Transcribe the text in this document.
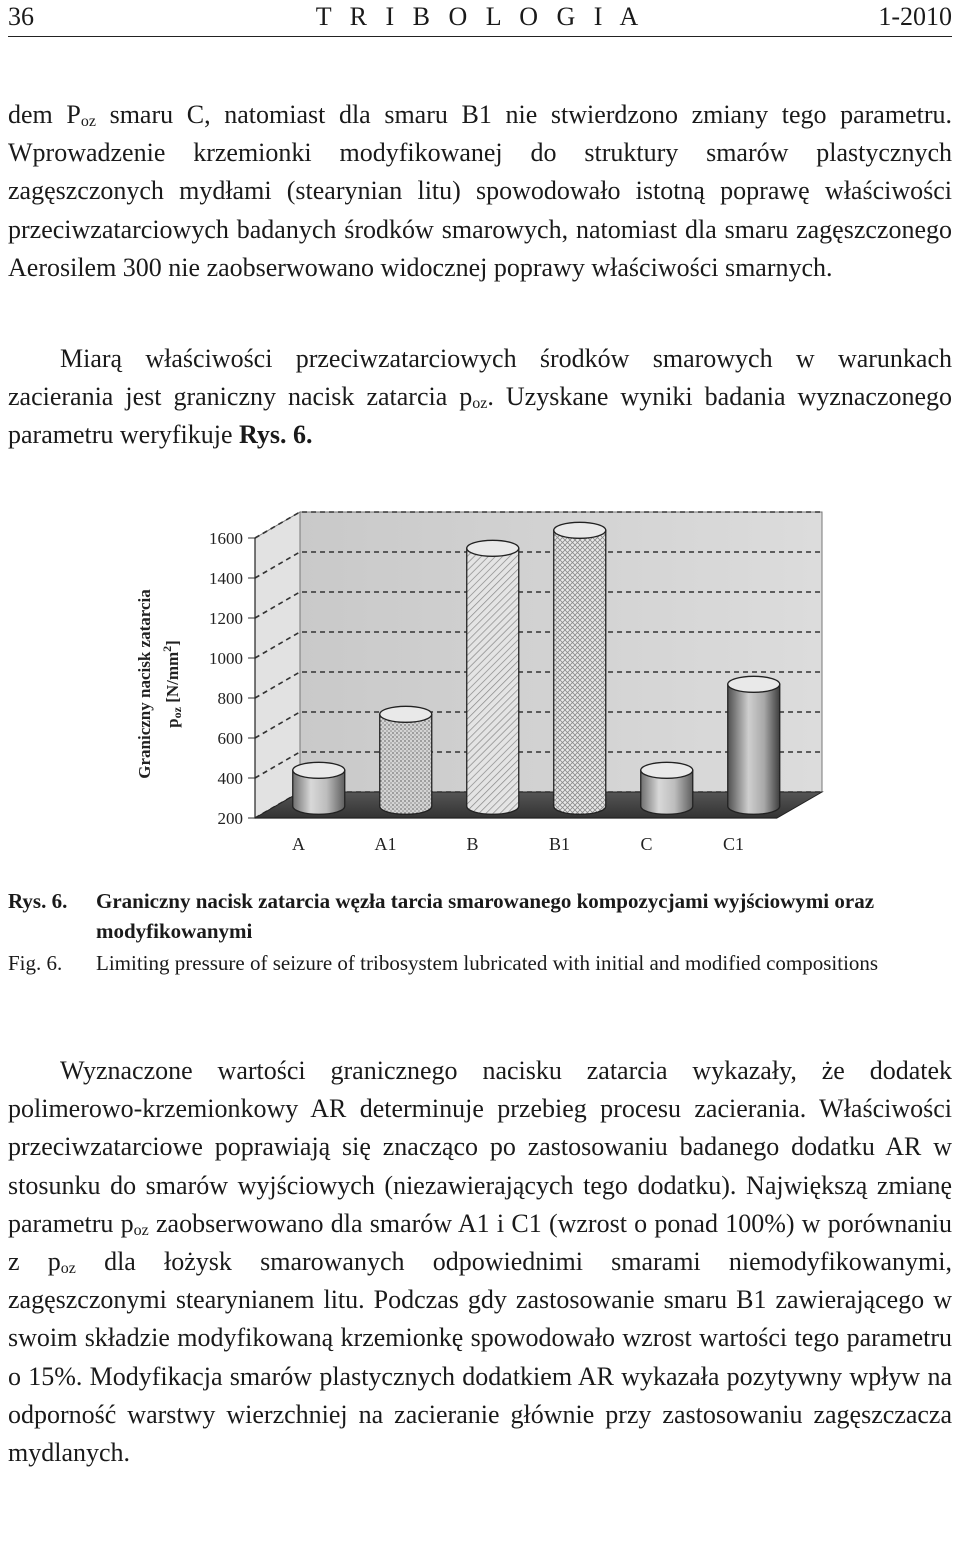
36	T R I B O L O G I A	1-2010

dem $P_{oz}$ smaru C, natomiast dla smaru B1 nie stwierdzono zmiany tego parametru. Wprowadzenie krzemionki modyfikowanej do struktury smarów plastycznych zagęszczonych mydłami (stearynian litu) spowodowało istotną poprawę właściwości przeciwzatarciowych badanych środków smarowych, natomiast dla smaru zagęszczonego Aerosilem 300 nie zaobserwowano widocznej poprawy właściwości smarnych.

Miarą właściwości przeciwzatarciowych środków smarowych w warunkach zacierania jest graniczny nacisk zatarcia $p_{oz}$. Uzyskane wyniki badania wyznaczonego parametru weryfikuje Rys. 6.

200
400
600
800
1000
1200
1400
1600
A	A1	B	B1	C	C1
Graniczny nacisk zatarcia poz $[N/mm^2]$
Rys. 6.	Graniczny nacisk zatarcia węzła tarcia smarowanego kompozycjami wyjściowymi oraz modyfikowanymi
Fig. 6.	Limiting pressure of seizure of tribosystem lubricated with initial and modified compositions

Wyznaczone wartości granicznego nacisku zatarcia wykazały, że dodatek polimerowo-krzemionkowy AR determinuje przebieg procesu zacierania. Właściwości przeciwzatarciowe poprawiają się znacząco po zastosowaniu badanego dodatku AR w stosunku do smarów wyjściowych (niezawierających tego dodatku). Największą zmianę parametru $p_{oz}$ zaobserwowano dla smarów A1 i C1 (wzrost o ponad 100%) w porównaniu z $p_{oz}$ dla łożysk smarowanych odpowiednimi smarami niemodyfikowanymi, zagęszczonymi stearynianem litu. Podczas gdy zastosowanie smaru B1 zawierającego w swoim składzie modyfikowaną krzemionkę spowodowało wzrost wartości tego parametru o 15%. Modyfikacja smarów plastycznych dodatkiem AR wykazała pozytywny wpływ na odporność warstwy wierzchniej na zacieranie głównie przy zastosowaniu zagęszczacza mydlanych.
